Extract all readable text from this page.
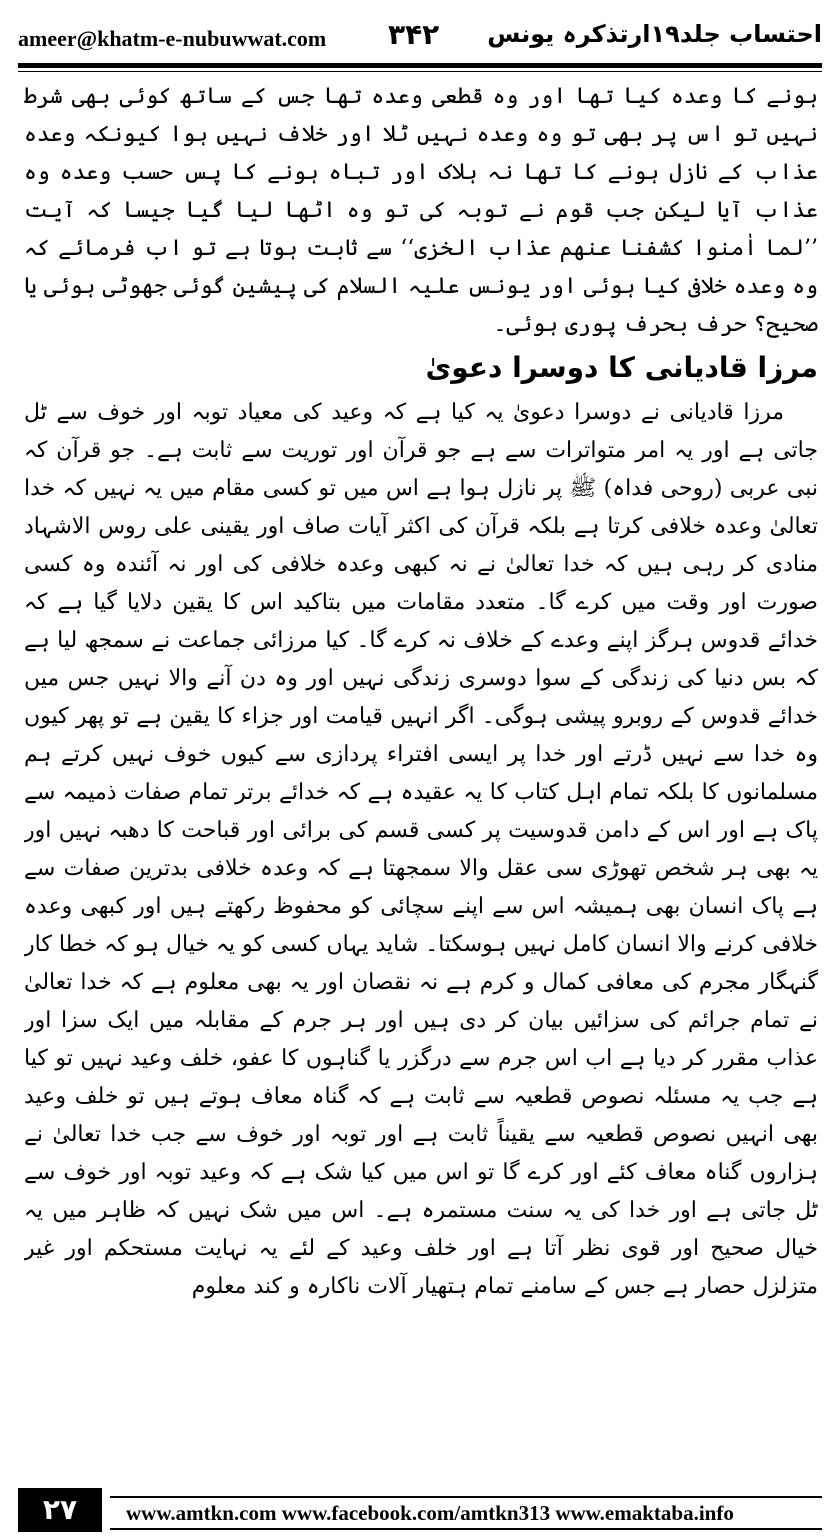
ameer@khatm-e-nubuwwat.com ۳۴۲ احتساب جلد۱۹ارتذکرہ یونس

ہونے کا وعدہ کیا تھا اور وہ قطعی وعدہ تھا جس کے ساتھ کوئی بھی شرط نہیں تو اس پر بھی تو وہ وعدہ نہیں ٹلا اور خلاف نہیں ہوا کیونکہ وعدہ عذاب کے نازل ہونے کا تھا نہ ہلاک اور تباہ ہونے کا پس حسب وعدہ وہ عذاب آیا لیکن جب قوم نے توبہ کی تو وہ اٹھا لیا گیا جیسا کہ آیت ’’لما اٰمنوا کشفنا عنهم عذاب الخزی‘‘ سے ثابت ہوتا ہے تو اب فرمائے کہ وہ وعدہ خلافی کیا ہوئی اور یونس علیہ السلام کی پیشین گوئی جھوٹی ہوئی یا صحیح؟ حرف بحرف پوری ہوئی۔

مرزا قادیانی کا دوسرا دعویٰ

مرزا قادیانی نے دوسرا دعویٰ یہ کیا ہے کہ وعید کی معیاد توبہ اور خوف سے ٹل جاتی ہے اور یہ امر متواترات سے ہے جو قرآن اور توریت سے ثابت ہے۔ جو قرآن کہ نبی عربی (روحی فداہ) ﷺ پر نازل ہوا ہے اس میں تو کسی مقام میں یہ نہیں کہ خدا تعالیٰ وعدہ خلافی کرتا ہے بلکہ قرآن کی اکثر آیات صاف اور یقینی علی روس الاشہاد منادی کر رہی ہیں کہ خدا تعالیٰ نے نہ کبھی وعدہ خلافی کی اور نہ آئندہ وہ کسی صورت اور وقت میں کرے گا۔ متعدد مقامات میں بتاکید اس کا یقین دلایا گیا ہے کہ خدائے قدوس ہرگز اپنے وعدے کے خلاف نہ کرے گا۔ کیا مرزائی جماعت نے سمجھ لیا ہے کہ بس دنیا کی زندگی کے سوا دوسری زندگی نہیں اور وہ دن آنے والا نہیں جس میں خدائے قدوس کے روبرو پیشی ہوگی۔ اگر انہیں قیامت اور جزاء کا یقین ہے تو پھر کیوں وہ خدا سے نہیں ڈرتے اور خدا پر ایسی افتراء پردازی سے کیوں خوف نہیں کرتے ہم مسلمانوں کا بلکہ تمام اہل کتاب کا یہ عقیدہ ہے کہ خدائے برتر تمام صفات ذمیمہ سے پاک ہے اور اس کے دامن قدوسیت پر کسی قسم کی برائی اور قباحت کا دھبہ نہیں اور یہ بھی ہر شخص تھوڑی سی عقل والا سمجھتا ہے کہ وعدہ خلافی بدترین صفات سے ہے پاک انسان بھی ہمیشہ اس سے اپنے سچائی کو محفوظ رکھتے ہیں اور کبھی وعدہ خلافی کرنے والا انسان کامل نہیں ہوسکتا۔ شاید یہاں کسی کو یہ خیال ہو کہ خطا کار گنہگار مجرم کی معافی کمال و کرم ہے نہ نقصان اور یہ بھی معلوم ہے کہ خدا تعالیٰ نے تمام جرائم کی سزائیں بیان کر دی ہیں اور ہر جرم کے مقابلہ میں ایک سزا اور عذاب مقرر کر دیا ہے اب اس جرم سے درگزر یا گناہوں کا عفو، خلف وعید نہیں تو کیا ہے جب یہ مسئلہ نصوص قطعیہ سے ثابت ہے کہ گناہ معاف ہوتے ہیں تو خلف وعید بھی انہیں نصوص قطعیہ سے یقیناً ثابت ہے اور توبہ اور خوف سے جب خدا تعالیٰ نے ہزاروں گناہ معاف کئے اور کرے گا تو اس میں کیا شک ہے کہ وعید توبہ اور خوف سے ٹل جاتی ہے اور خدا کی یہ سنت مستمرہ ہے۔ اس میں شک نہیں کہ ظاہر میں یہ خیال صحیح اور قوی نظر آتا ہے اور خلف وعید کے لئے یہ نہایت مستحکم اور غیر متزلزل حصار ہے جس کے سامنے تمام ہتھیار آلات ناکارہ و کند معلوم

۲۷	www.amtkn.com www.facebook.com/amtkn313 www.emaktaba.info
